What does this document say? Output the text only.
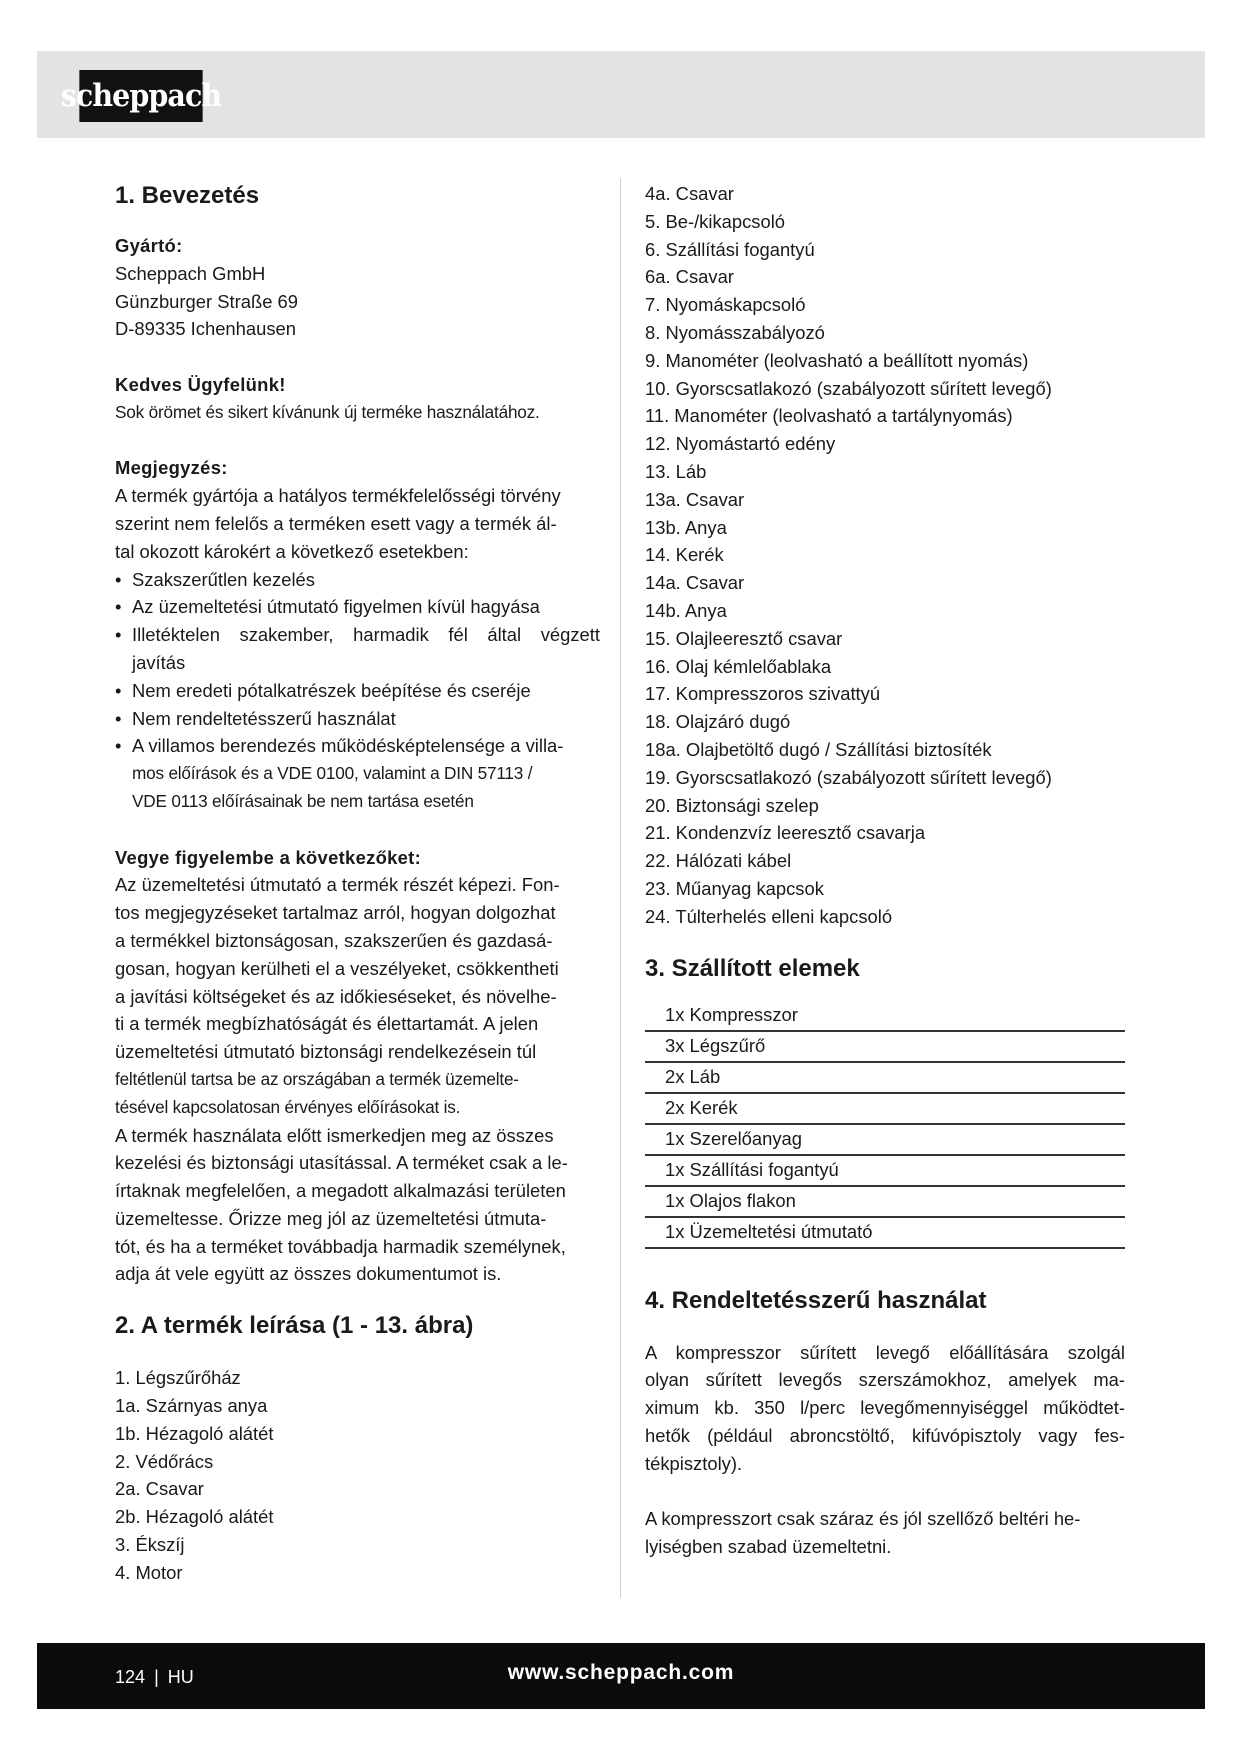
scheppach
1. Bevezetés
Gyártó:
Scheppach GmbH
Günzburger Straße 69
D-89335 Ichenhausen
Kedves Ügyfelünk!
Sok örömet és sikert kívánunk új terméke használatához.
Megjegyzés:
A termék gyártója a hatályos termékfelelősségi törvény
szerint nem felelős a terméken esett vagy a termék ál-
tal okozott károkért a következő esetekben:
• Szakszerűtlen kezelés
• Az üzemeltetési útmutató figyelmen kívül hagyása
• Illetéktelen szakember, harmadik fél által végzett
javítás
• Nem eredeti pótalkatrészek beépítése és cseréje
• Nem rendeltetésszerű használat
• A villamos berendezés működésképtelensége a villa-
mos előírások és a VDE 0100, valamint a DIN 57113 /
VDE 0113 előírásainak be nem tartása esetén
Vegye figyelembe a következőket:
Az üzemeltetési útmutató a termék részét képezi. Fon-
tos megjegyzéseket tartalmaz arról, hogyan dolgozhat
a termékkel biztonságosan, szakszerűen és gazdasá-
gosan, hogyan kerülheti el a veszélyeket, csökkentheti
a javítási költségeket és az időkieséseket, és növelhe-
ti a termék megbízhatóságát és élettartamát. A jelen
üzemeltetési útmutató biztonsági rendelkezésein túl
feltétlenül tartsa be az országában a termék üzemelte-
tésével kapcsolatosan érvényes előírásokat is.
A termék használata előtt ismerkedjen meg az összes
kezelési és biztonsági utasítással. A terméket csak a le-
írtaknak megfelelően, a megadott alkalmazási területen
üzemeltesse. Őrizze meg jól az üzemeltetési útmuta-
tót, és ha a terméket továbbadja harmadik személynek,
adja át vele együtt az összes dokumentumot is.
2. A termék leírása (1 - 13. ábra)
1. Légszűrőház
1a. Szárnyas anya
1b. Hézagoló alátét
2. Védőrács
2a. Csavar
2b. Hézagoló alátét
3. Ékszíj
4. Motor
4a. Csavar
5. Be-/kikapcsoló
6. Szállítási fogantyú
6a. Csavar
7. Nyomáskapcsoló
8. Nyomásszabályozó
9. Manométer (leolvasható a beállított nyomás)
10. Gyorscsatlakozó (szabályozott sűrített levegő)
11. Manométer (leolvasható a tartálynyomás)
12. Nyomástartó edény
13. Láb
13a. Csavar
13b. Anya
14. Kerék
14a. Csavar
14b. Anya
15. Olajleeresztő csavar
16. Olaj kémlelőablaka
17. Kompresszoros szivattyú
18. Olajzáró dugó
18a. Olajbetöltő dugó / Szállítási biztosíték
19. Gyorscsatlakozó (szabályozott sűrített levegő)
20. Biztonsági szelep
21. Kondenzvíz leeresztő csavarja
22. Hálózati kábel
23. Műanyag kapcsok
24. Túlterhelés elleni kapcsoló
3. Szállított elemek
1x Kompresszor
3x Légszűrő
2x Láb
2x Kerék
1x Szerelőanyag
1x Szállítási fogantyú
1x Olajos flakon
1x Üzemeltetési útmutató
4. Rendeltetésszerű használat
A kompresszor sűrített levegő előállítására szolgál
olyan sűrített levegős szerszámokhoz, amelyek ma-
ximum kb. 350 l/perc levegőmennyiséggel működtet-
hetők (például abroncstöltő, kifúvópisztoly vagy fes-
tékpisztoly).
A kompresszort csak száraz és jól szellőző beltéri he-
lyiségben szabad üzemeltetni.
124 | HU	www.scheppach.com
